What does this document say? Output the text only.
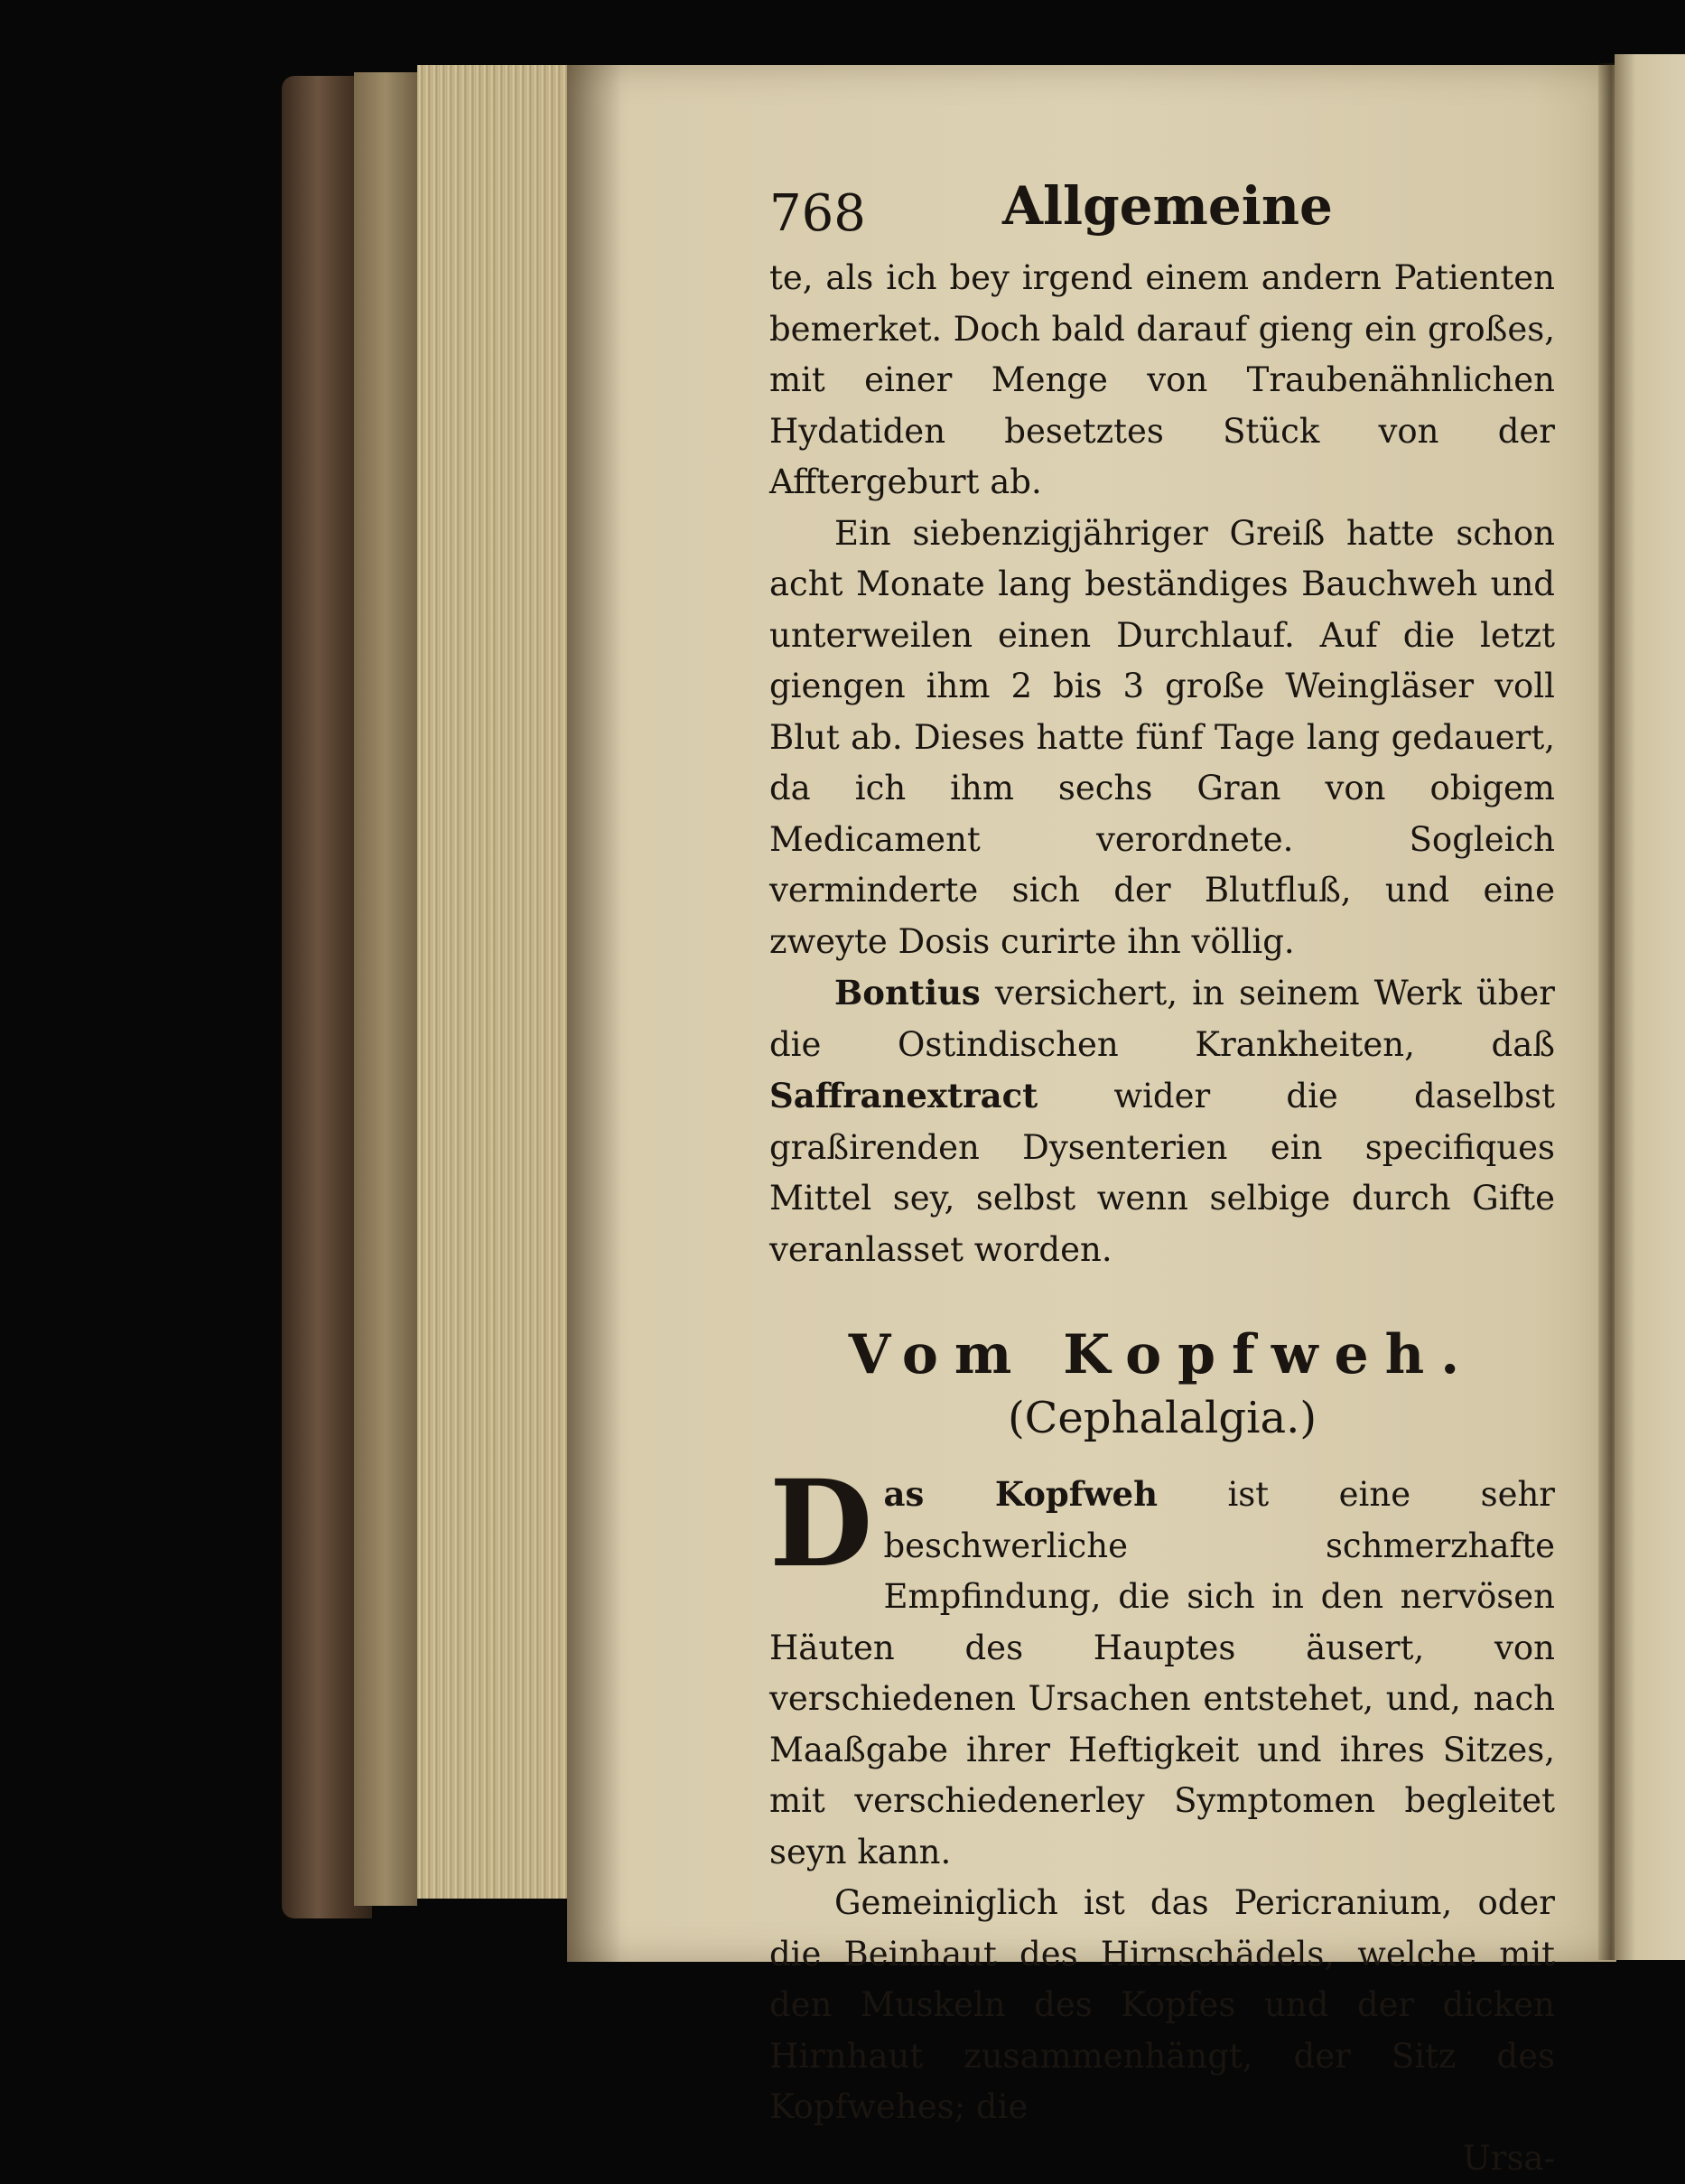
768	Allgemeine

te, als ich bey irgend einem andern Patienten bemerket. Doch bald darauf gieng ein großes, mit einer Menge von Traubenähnlichen Hydatiden besetztes Stück von der Afftergeburt ab.

Ein siebenzigjähriger Greiß hatte schon acht Monate lang beständiges Bauchweh und unterweilen einen Durchlauf. Auf die letzt giengen ihm 2 bis 3 große Weingläser voll Blut ab. Dieses hatte fünf Tage lang gedauert, da ich ihm sechs Gran von obigem Medicament verordnete. Sogleich verminderte sich der Blutfluß, und eine zweyte Dosis curirte ihn völlig.

Bontius versichert, in seinem Werk über die Ostindischen Krankheiten, daß Saffranextract wider die daselbst graßirenden Dysenterien ein specifiques Mittel sey, selbst wenn selbige durch Gifte veranlasset worden.

Vom Kopfweh.
(Cephalalgia.)

Das Kopfweh ist eine sehr beschwerliche schmerzhafte Empfindung, die sich in den nervösen Häuten des Hauptes äusert, von verschiedenen Ursachen entstehet, und, nach Maaßgabe ihrer Heftigkeit und ihres Sitzes, mit verschiedenerley Symptomen begleitet seyn kann.

Gemeiniglich ist das Pericranium, oder die Beinhaut des Hirnschädels, welche mit den Muskeln des Kopfes und der dicken Hirnhaut zusammenhängt, der Sitz des Kopfwehes; die

Ursa-
